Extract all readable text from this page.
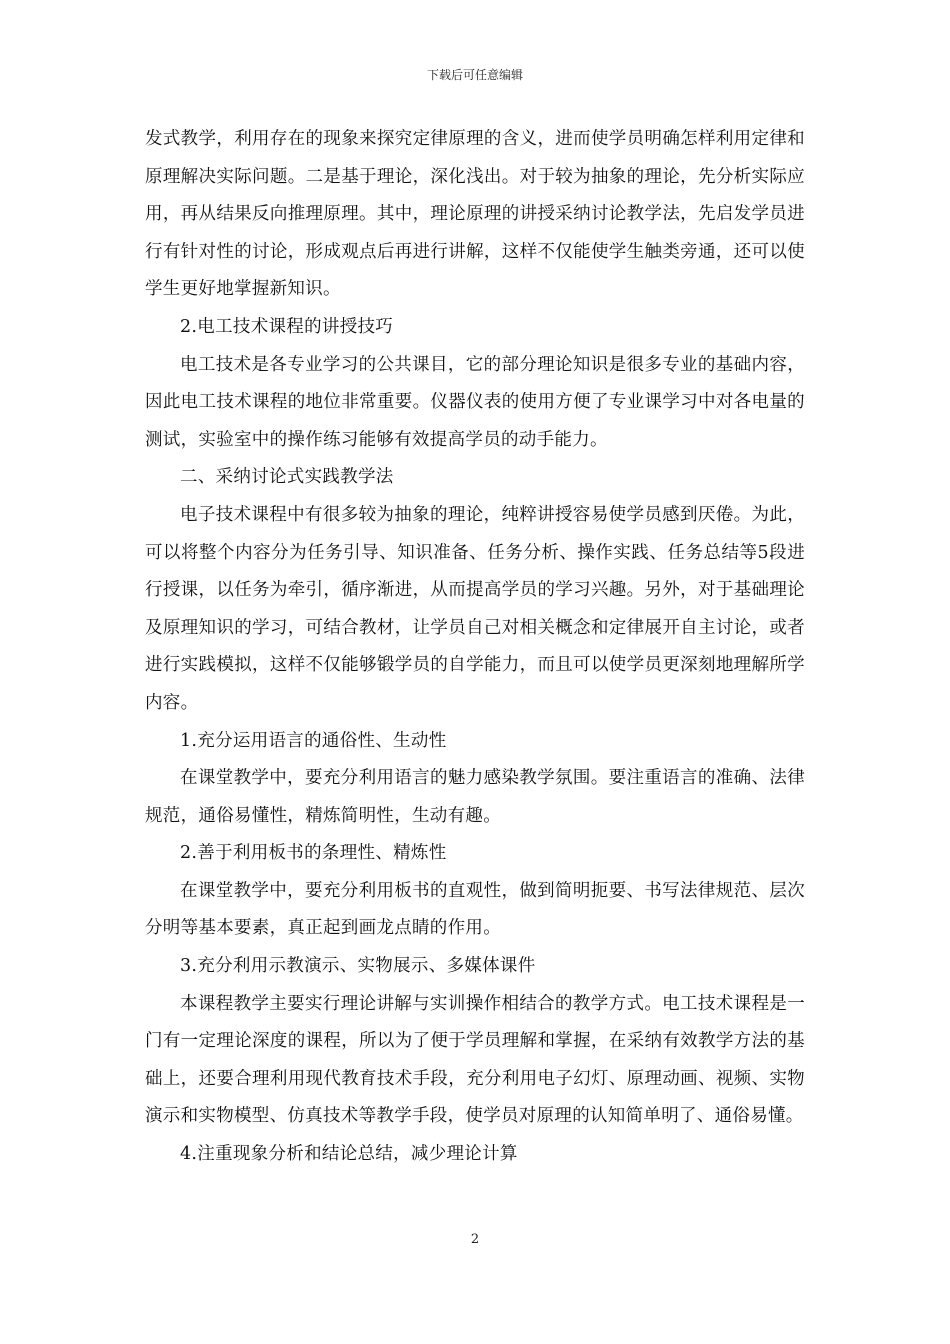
下载后可任意编辑

发式教学，利用存在的现象来探究定律原理的含义，进而使学员明确怎样利用定律和原理解决实际问题。二是基于理论，深化浅出。对于较为抽象的理论，先分析实际应用，再从结果反向推理原理。其中，理论原理的讲授采纳讨论教学法，先启发学员进行有针对性的讨论，形成观点后再进行讲解，这样不仅能使学生触类旁通，还可以使学生更好地掌握新知识。

2.电工技术课程的讲授技巧

电工技术是各专业学习的公共课目，它的部分理论知识是很多专业的基础内容，因此电工技术课程的地位非常重要。仪器仪表的使用方便了专业课学习中对各电量的测试，实验室中的操作练习能够有效提高学员的动手能力。

二、采纳讨论式实践教学法

电子技术课程中有很多较为抽象的理论，纯粹讲授容易使学员感到厌倦。为此，可以将整个内容分为任务引导、知识准备、任务分析、操作实践、任务总结等5段进行授课，以任务为牵引，循序渐进，从而提高学员的学习兴趣。另外，对于基础理论及原理知识的学习，可结合教材，让学员自己对相关概念和定律展开自主讨论，或者进行实践模拟，这样不仅能够锻学员的自学能力，而且可以使学员更深刻地理解所学内容。

1.充分运用语言的通俗性、生动性

在课堂教学中，要充分利用语言的魅力感染教学氛围。要注重语言的准确、法律规范，通俗易懂性，精炼简明性，生动有趣。

2.善于利用板书的条理性、精炼性

在课堂教学中，要充分利用板书的直观性，做到简明扼要、书写法律规范、层次分明等基本要素，真正起到画龙点睛的作用。

3.充分利用示教演示、实物展示、多媒体课件

本课程教学主要实行理论讲解与实训操作相结合的教学方式。电工技术课程是一门有一定理论深度的课程，所以为了便于学员理解和掌握，在采纳有效教学方法的基础上，还要合理利用现代教育技术手段，充分利用电子幻灯、原理动画、视频、实物演示和实物模型、仿真技术等教学手段，使学员对原理的认知简单明了、通俗易懂。

4.注重现象分析和结论总结，减少理论计算

2
